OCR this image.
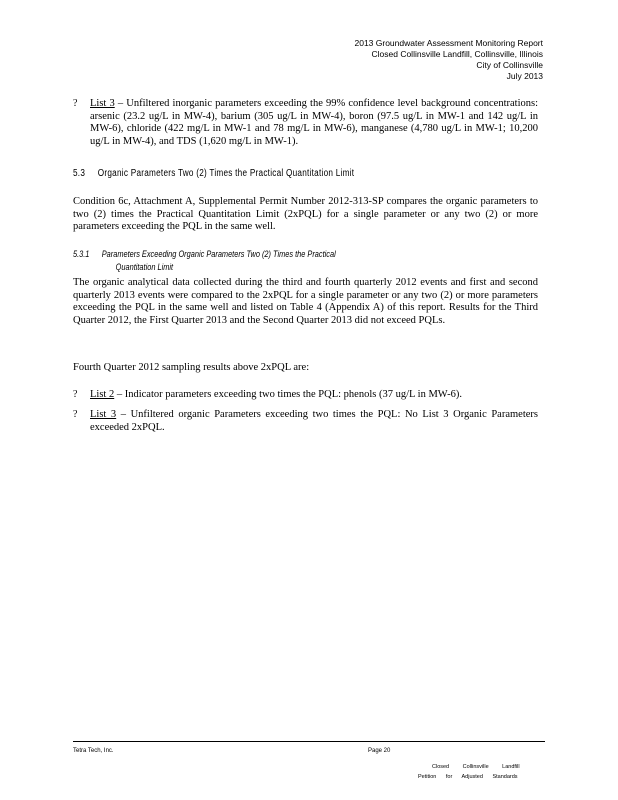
2013 Groundwater Assessment Monitoring Report
Closed Collinsville Landfill, Collinsville, Illinois
City of Collinsville
July 2013
?	List 3 – Unfiltered inorganic parameters exceeding the 99% confidence level background concentrations: arsenic (23.2 ug/L in MW-4), barium (305 ug/L in MW-4), boron (97.5 ug/L in MW-1 and 142 ug/L in MW-6), chloride (422 mg/L in MW-1 and 78 mg/L in MW-6), manganese (4,780 ug/L in MW-1; 10,200 ug/L in MW-4), and TDS (1,620 mg/L in MW-1).
5.3 Organic Parameters Two (2) Times the Practical Quantitation Limit
Condition 6c, Attachment A, Supplemental Permit Number 2012-313-SP compares the organic parameters to two (2) times the Practical Quantitation Limit (2xPQL) for a single parameter or any two (2) or more parameters exceeding the PQL in the same well.
5.3.1 Parameters Exceeding Organic Parameters Two (2) Times the Practical
Quantitation Limit
The organic analytical data collected during the third and fourth quarterly 2012 events and first and second quarterly 2013 events were compared to the 2xPQL for a single parameter or any two (2) or more parameters exceeding the PQL in the same well and listed on Table 4 (Appendix A) of this report. Results for the Third Quarter 2012, the First Quarter 2013 and the Second Quarter 2013 did not exceed PQLs.
Fourth Quarter 2012 sampling results above 2xPQL are:
?	List 2 – Indicator parameters exceeding two times the PQL: phenols (37 ug/L in MW-6).
?	List 3 – Unfiltered organic Parameters exceeding two times the PQL: No List 3 Organic Parameters exceeded 2xPQL.
Tetra Tech, Inc.	Page 20
Closed Collinsville Landfill
Petition for Adjusted Standards
